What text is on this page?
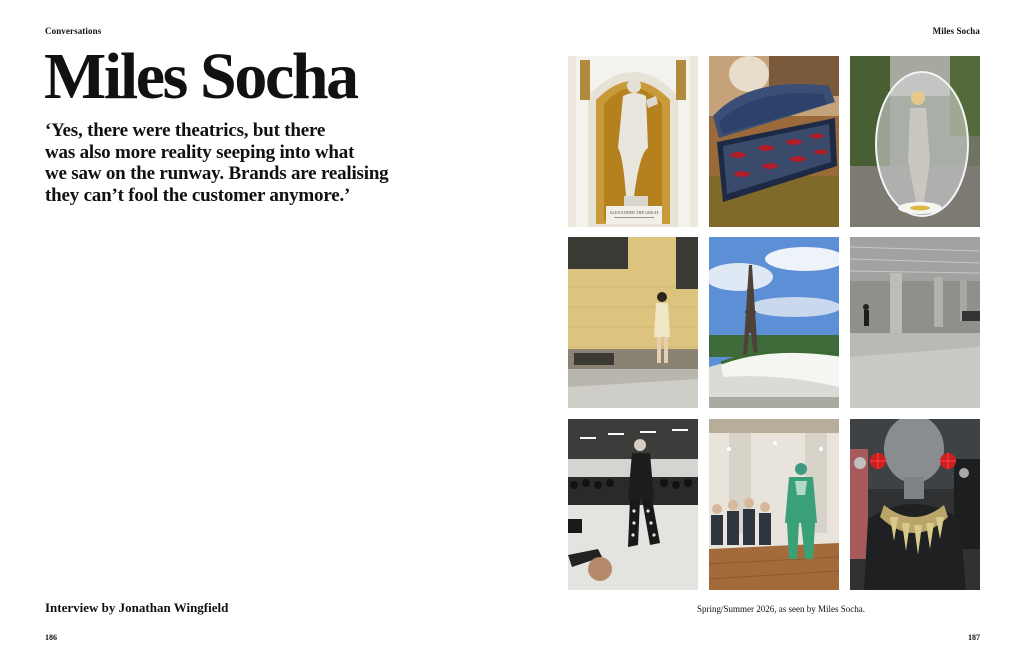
Conversations	Miles Socha
Miles Socha
‘Yes, there were theatrics, but there
was also more reality seeping into what
we saw on the runway. Brands are realising
they can’t fool the customer anymore.’
ALEXANDER THE GREAT
Interview by Jonathan Wingfield	Spring/Summer 2026, as seen by Miles Socha.
186	187
